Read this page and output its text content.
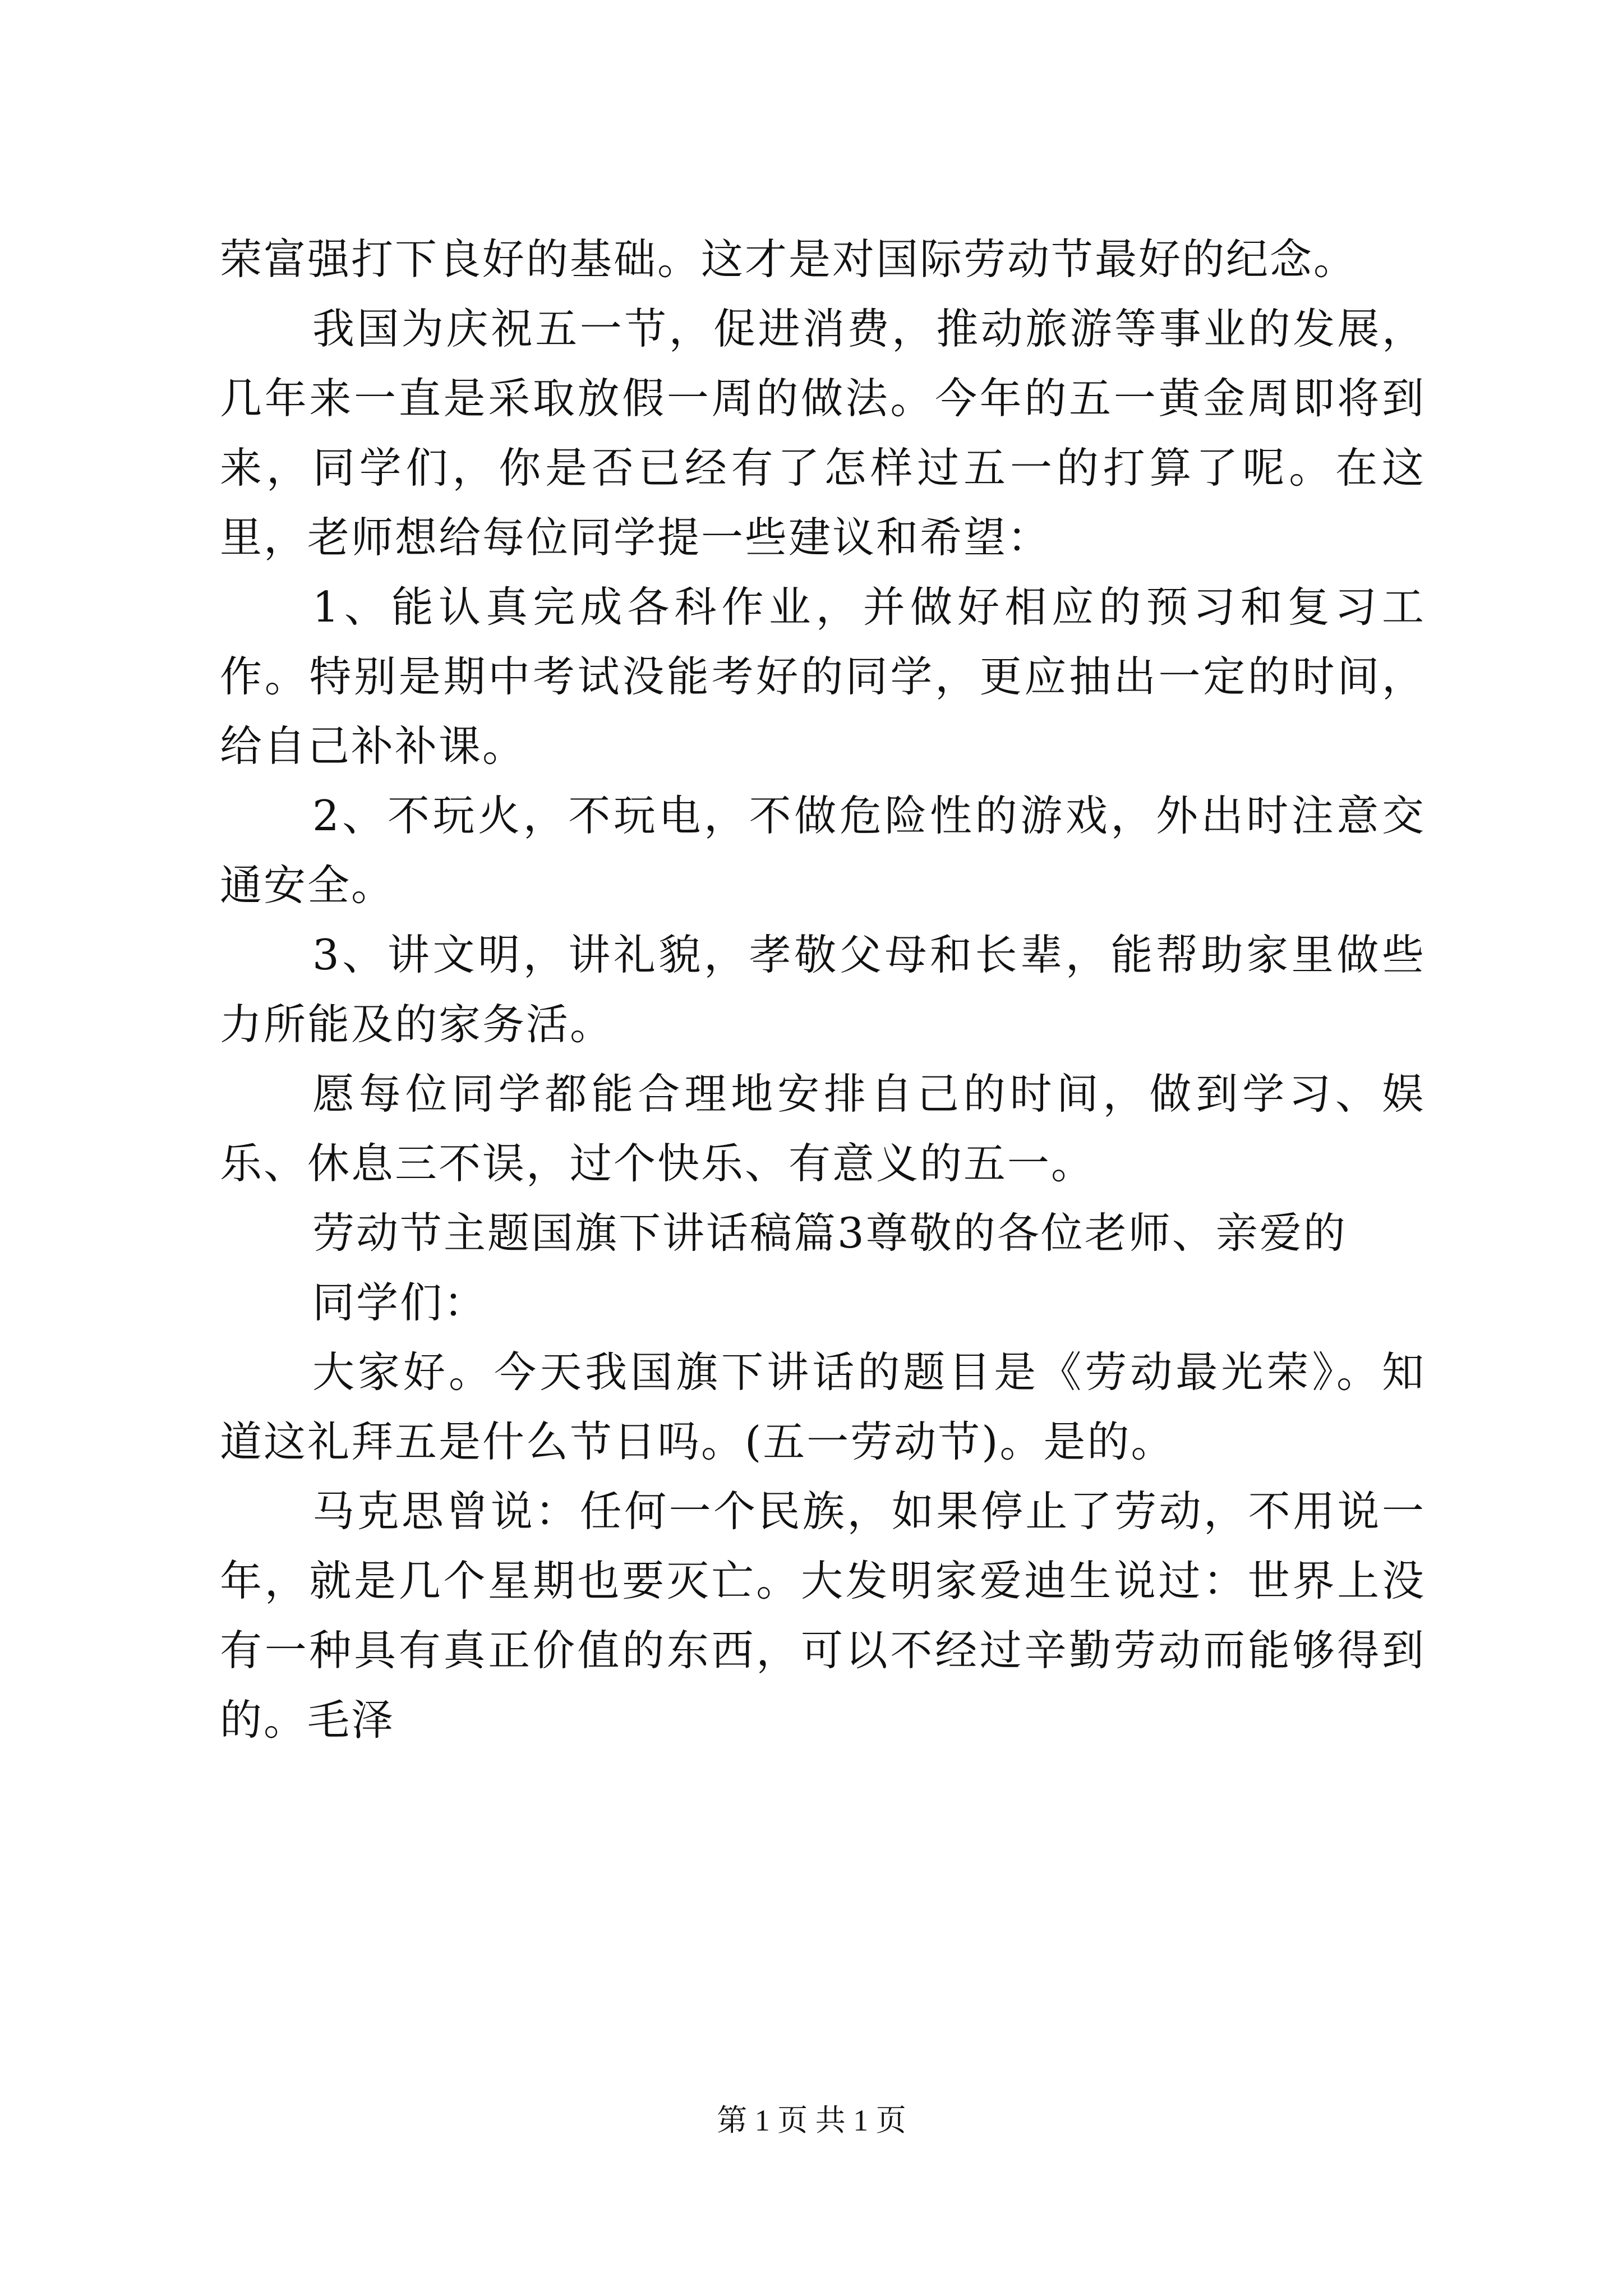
荣富强打下良好的基础。这才是对国际劳动节最好的纪念。

我国为庆祝五一节，促进消费，推动旅游等事业的发展，几年来一直是采取放假一周的做法。今年的五一黄金周即将到来，同学们，你是否已经有了怎样过五一的打算了呢。在这里，老师想给每位同学提一些建议和希望：

1、能认真完成各科作业，并做好相应的预习和复习工作。特别是期中考试没能考好的同学，更应抽出一定的时间，给自己补补课。

2、不玩火，不玩电，不做危险性的游戏，外出时注意交通安全。

3、讲文明，讲礼貌，孝敬父母和长辈，能帮助家里做些力所能及的家务活。

愿每位同学都能合理地安排自己的时间，做到学习、娱乐、休息三不误，过个快乐、有意义的五一。

劳动节主题国旗下讲话稿篇3尊敬的各位老师、亲爱的

同学们：

大家好。今天我国旗下讲话的题目是《劳动最光荣》。知道这礼拜五是什么节日吗。(五一劳动节)。是的。

马克思曾说：任何一个民族，如果停止了劳动，不用说一年，就是几个星期也要灭亡。大发明家爱迪生说过：世界上没有一种具有真正价值的东西，可以不经过辛勤劳动而能够得到的。毛泽

第 1 页 共 1 页
